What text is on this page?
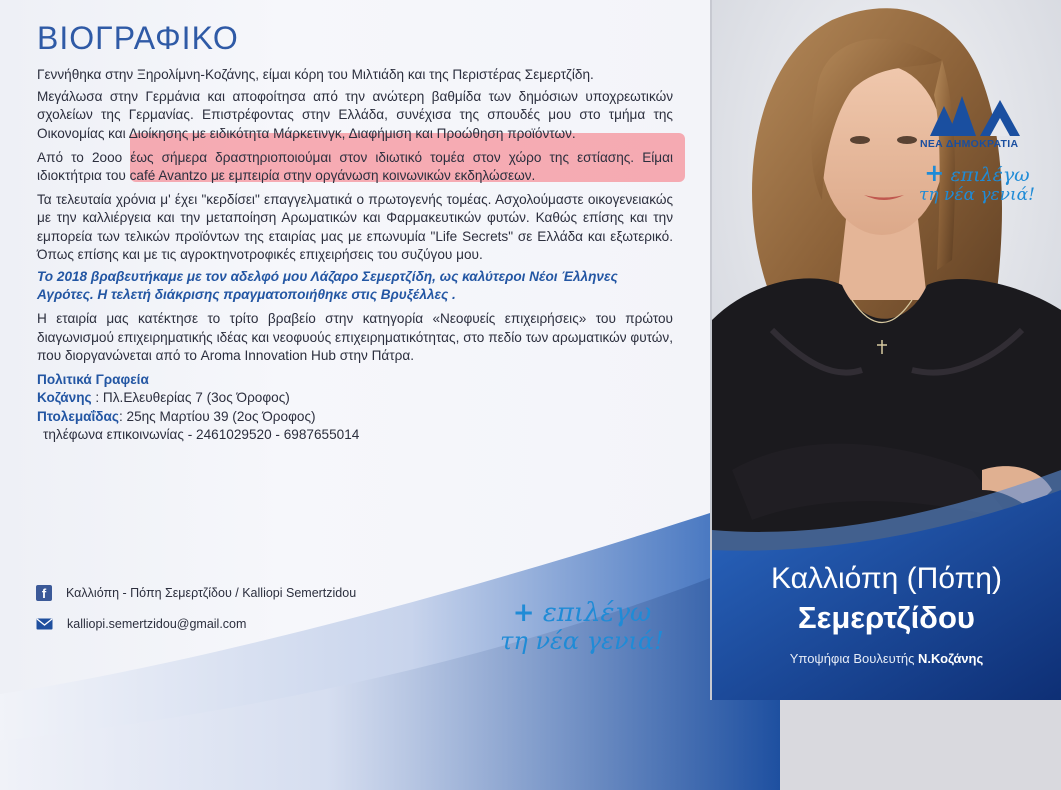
ΒΙΟΓΡΑΦΙΚΟ

Γεννήθηκα στην Ξηρολίμνη-Κοζάνης, είμαι κόρη του Μιλτιάδη και της Περιστέρας Σεμερτζίδη.

Μεγάλωσα στην Γερμάνια και αποφοίτησα από την ανώτερη βαθμίδα των δημόσιων υποχρεωτικών σχολείων της Γερμανίας. Επιστρέφοντας στην Ελλάδα, συνέχισα της σπουδές μου στο τμήμα της Οικονομίας και Διοίκησης με ειδικότητα Μάρκετινγκ, Διαφήμιση και Προώθηση προϊόντων.

Από το 2οοο έως σήμερα δραστηριοποιούμαι στον ιδιωτικό τομέα στον χώρο της εστίασης. Είμαι ιδιοκτήτρια του café Avantzo με εμπειρία στην οργάνωση κοινωνικών εκδηλώσεων.

Τα τελευταία χρόνια μ' έχει "κερδίσει" επαγγελματικά ο πρωτογενής τομέας. Ασχολούμαστε οικογενειακώς με την καλλιέργεια και την μεταποίηση Αρωματικών και Φαρμακευτικών φυτών. Καθώς επίσης και την εμπορεία των τελικών προϊόντων της εταιρίας μας με επωνυμία "Life Secrets" σε Ελλάδα και εξωτερικό. Όπως επίσης και με τις αγροκτηνοτροφικές επιχειρήσεις του συζύγου μου.

Το 2018 βραβευτήκαμε με τον αδελφό μου Λάζαρο Σεμερτζίδη, ως καλύτεροι Νέοι Έλληνες Αγρότες. Η τελετή διάκρισης πραγματοποιήθηκε στις Βρυξέλλες .

Η εταιρία μας κατέκτησε το τρίτο βραβείο στην κατηγορία «Νεοφυείς επιχειρήσεις» του πρώτου διαγωνισμού επιχειρηματικής ιδέας και νεοφυούς επιχειρηματικότητας, στο πεδίο των αρωματικών φυτών, που διοργανώνεται από το Aroma Innovation Hub στην Πάτρα.

Πολιτικά Γραφεία
Κοζάνης : Πλ.Ελευθερίας 7 (3ος Όροφος)
Πτολεμαΐδας: 25ης Μαρτίου 39 (2ος Όροφος)
τηλέφωνα επικοινωνίας - 2461029520 - 6987655014
f	Καλλιόπη - Πόπη Σεμερτζίδου / Kalliopi Semertzidou
kalliopi.semertzidou@gmail.com	+ επιλέγω
τη νέα γενιά!
ΝΕΑ ΔΗΜΟΚΡΑΤΙΑ
+ επιλέγω
τη νέα γενιά!
Καλλιόπη (Πόπη)
Σεμερτζίδου
Υποψήφια Βουλευτής Ν.Κοζάνης
